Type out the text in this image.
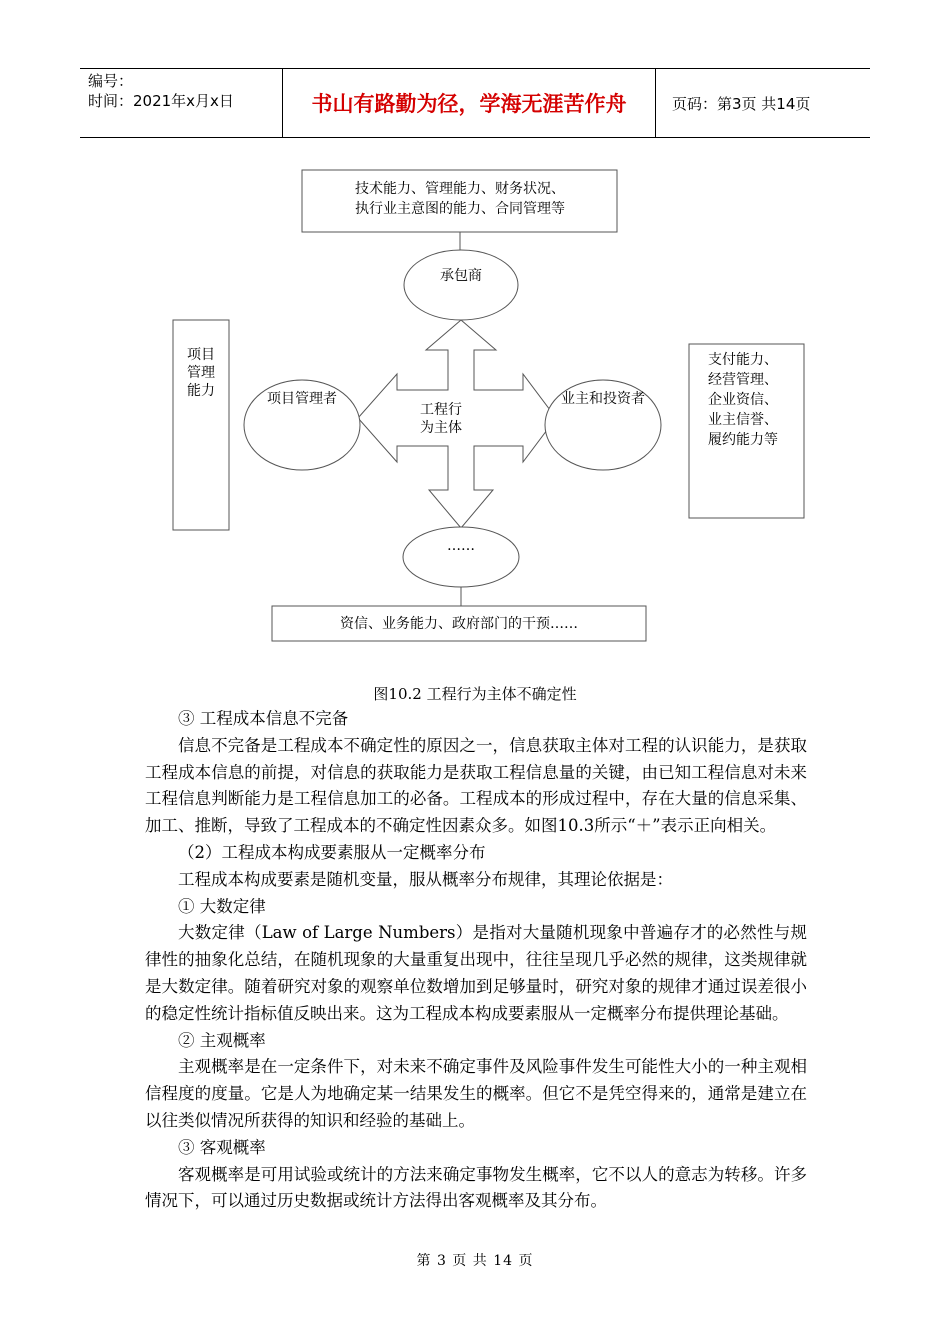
编号：
时间：2021年x月x日	书山有路勤为径，学海无涯苦作舟	页码：第3页 共14页
技术能力、管理能力、财务状况、
执行业主意图的能力、合同管理等
承包商
工程行
为主体
项目
管理
能力	项目管理者	业主和投资者
支付能力、
经营管理、
企业资信、
业主信誉、
履约能力等
……
资信、业务能力、政府部门的干预……
图10.2 工程行为主体不确定性

③ 工程成本信息不完备

信息不完备是工程成本不确定性的原因之一，信息获取主体对工程的认识能力，是获取工程成本信息的前提，对信息的获取能力是获取工程信息量的关键，由已知工程信息对未来工程信息判断能力是工程信息加工的必备。工程成本的形成过程中，存在大量的信息采集、加工、推断，导致了工程成本的不确定性因素众多。如图10.3所示“＋”表示正向相关。

（2）工程成本构成要素服从一定概率分布

工程成本构成要素是随机变量，服从概率分布规律，其理论依据是：

① 大数定律

大数定律（Law of Large Numbers）是指对大量随机现象中普遍存才的必然性与规律性的抽象化总结，在随机现象的大量重复出现中，往往呈现几乎必然的规律，这类规律就是大数定律。随着研究对象的观察单位数增加到足够量时，研究对象的规律才通过误差很小的稳定性统计指标值反映出来。这为工程成本构成要素服从一定概率分布提供理论基础。

② 主观概率

主观概率是在一定条件下，对未来不确定事件及风险事件发生可能性大小的一种主观相信程度的度量。它是人为地确定某一结果发生的概率。但它不是凭空得来的，通常是建立在以往类似情况所获得的知识和经验的基础上。

③ 客观概率

客观概率是可用试验或统计的方法来确定事物发生概率，它不以人的意志为转移。许多情况下，可以通过历史数据或统计方法得出客观概率及其分布。

第 3 页 共 14 页
